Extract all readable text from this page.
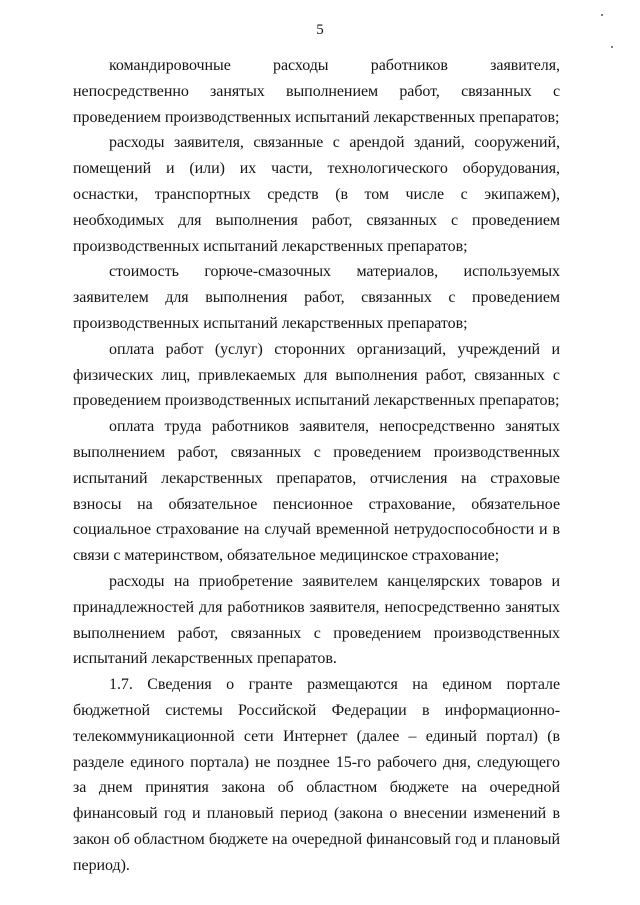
5

командировочные расходы работников заявителя, непосредственно занятых выполнением работ, связанных с проведением производственных испытаний лекарственных препаратов;

расходы заявителя, связанные с арендой зданий, сооружений, помещений и (или) их части, технологического оборудования, оснастки, транспортных средств (в том числе с экипажем), необходимых для выполнения работ, связанных с проведением производственных испытаний лекарственных препаратов;

стоимость горюче-смазочных материалов, используемых заявителем для выполнения работ, связанных с проведением производственных испытаний лекарственных препаратов;

оплата работ (услуг) сторонних организаций, учреждений и физических лиц, привлекаемых для выполнения работ, связанных с проведением производственных испытаний лекарственных препаратов;

оплата труда работников заявителя, непосредственно занятых выполнением работ, связанных с проведением производственных испытаний лекарственных препаратов, отчисления на страховые взносы на обязательное пенсионное страхование, обязательное социальное страхование на случай временной нетрудоспособности и в связи с материнством, обязательное медицинское страхование;

расходы на приобретение заявителем канцелярских товаров и принадлежностей для работников заявителя, непосредственно занятых выполнением работ, связанных с проведением производственных испытаний лекарственных препаратов.

1.7. Сведения о гранте размещаются на едином портале бюджетной системы Российской Федерации в информационно-телекоммуникационной сети Интернет (далее – единый портал) (в разделе единого портала) не позднее 15-го рабочего дня, следующего за днем принятия закона об областном бюджете на очередной финансовый год и плановый период (закона о внесении изменений в закон об областном бюджете на очередной финансовый год и плановый период).
